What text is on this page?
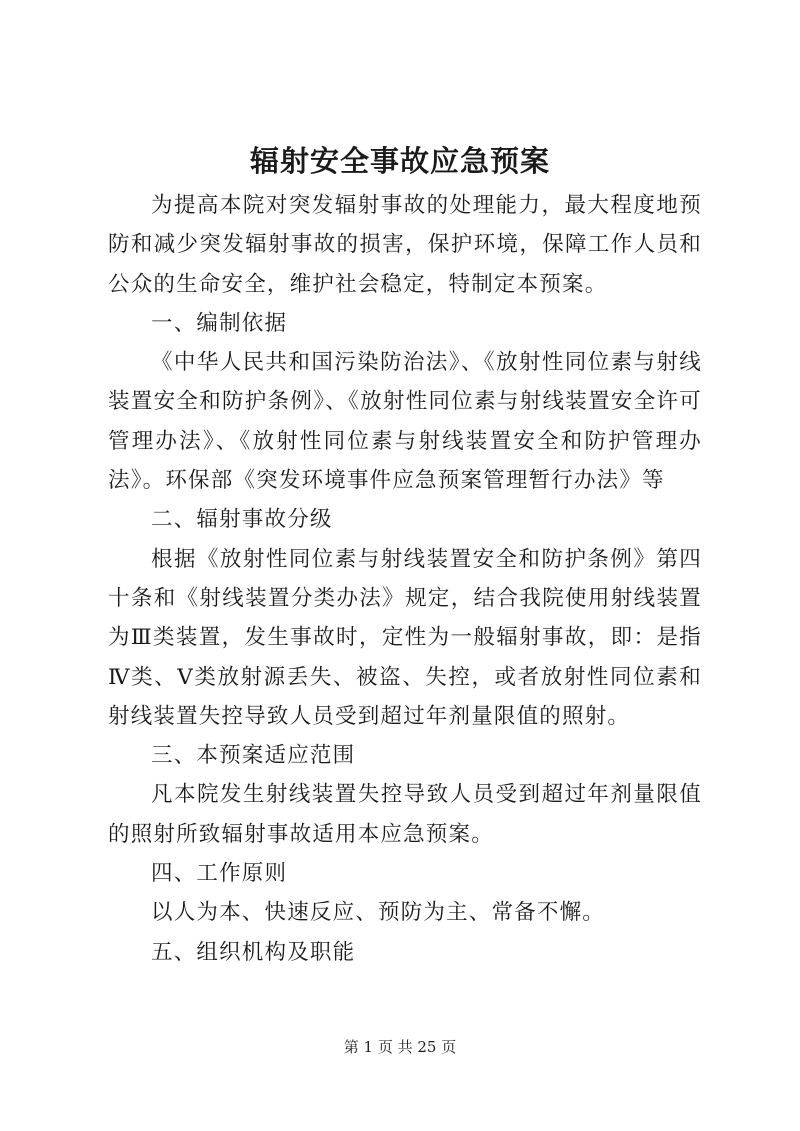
辐射安全事故应急预案

为提高本院对突发辐射事故的处理能力，最大程度地预防和减少突发辐射事故的损害，保护环境，保障工作人员和公众的生命安全，维护社会稳定，特制定本预案。

一、编制依据

《中华人民共和国污染防治法》、《放射性同位素与射线装置安全和防护条例》、《放射性同位素与射线装置安全许可管理办法》、《放射性同位素与射线装置安全和防护管理办法》。环保部《突发环境事件应急预案管理暂行办法》等

二、辐射事故分级

根据《放射性同位素与射线装置安全和防护条例》第四十条和《射线装置分类办法》规定，结合我院使用射线装置为Ⅲ类装置，发生事故时，定性为一般辐射事故，即：是指Ⅳ类、Ⅴ类放射源丢失、被盗、失控，或者放射性同位素和射线装置失控导致人员受到超过年剂量限值的照射。

三、本预案适应范围

凡本院发生射线装置失控导致人员受到超过年剂量限值的照射所致辐射事故适用本应急预案。

四、工作原则

以人为本、快速反应、预防为主、常备不懈。

五、组织机构及职能

第 1 页 共 25 页
